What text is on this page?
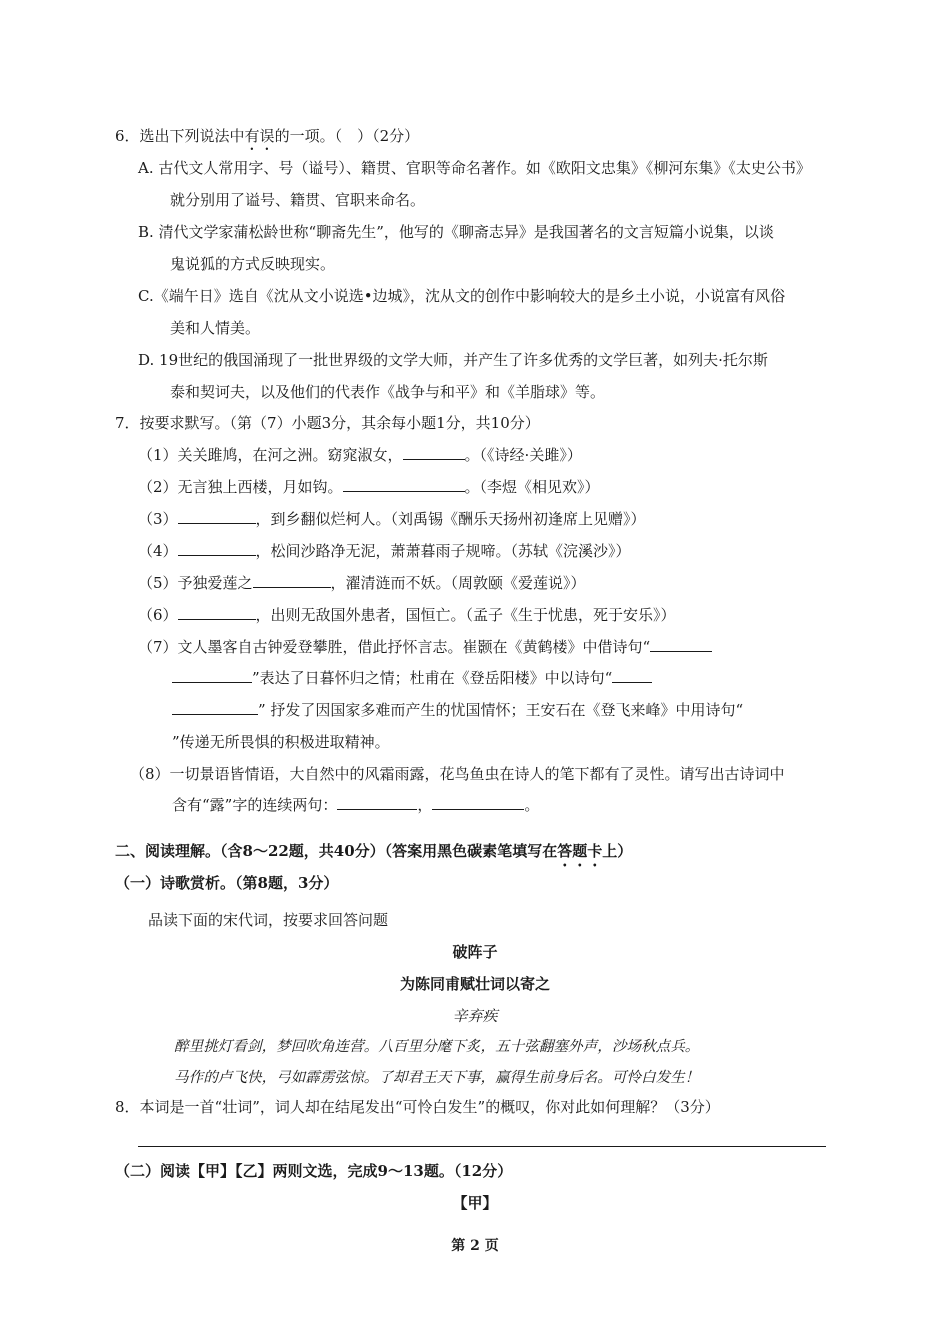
6．选出下列说法中有误的一项。（　）（2分）
A. 古代文人常用字、号（谥号）、籍贯、官职等命名著作。如《欧阳文忠集》《柳河东集》《太史公书》
就分别用了谥号、籍贯、官职来命名。
B. 清代文学家蒲松龄世称“聊斋先生”，他写的《聊斋志异》是我国著名的文言短篇小说集，以谈
鬼说狐的方式反映现实。
C.《端午日》选自《沈从文小说选•边城》，沈从文的创作中影响较大的是乡土小说，小说富有风俗
美和人情美。
D. 19世纪的俄国涌现了一批世界级的文学大师，并产生了许多优秀的文学巨著，如列夫·托尔斯
泰和契诃夫，以及他们的代表作《战争与和平》和《羊脂球》等。
7．按要求默写。（第（7）小题3分，其余每小题1分，共10分）
（1）关关雎鸠，在河之洲。窈窕淑女，	。（《诗经·关雎》）
（2）无言独上西楼，月如钩。	。（李煜《相见欢》）
（3）	，到乡翻似烂柯人。（刘禹锡《酬乐天扬州初逢席上见赠》）
（4）	，松间沙路净无泥，萧萧暮雨子规啼。（苏轼《浣溪沙》）
（5）予独爱莲之	，濯清涟而不妖。（周敦颐《爱莲说》）
（6）	，出则无敌国外患者，国恒亡。（孟子《生于忧患，死于安乐》）
（7）文人墨客自古钟爱登攀胜，借此抒怀言志。崔颢在《黄鹤楼》中借诗句“
”表达了日暮怀归之情；杜甫在《登岳阳楼》中以诗句“
” 抒发了因国家多难而产生的忧国情怀；王安石在《登飞来峰》中用诗句“
”传递无所畏惧的积极进取精神。
（8）一切景语皆情语，大自然中的风霜雨露，花鸟鱼虫在诗人的笔下都有了灵性。请写出古诗词中
含有“露”字的连续两句：	，	。
二、阅读理解。（含8～22题，共40分）（答案用黑色碳素笔填写在答题卡上）
（一）诗歌赏析。（第8题，3分）
品读下面的宋代词，按要求回答问题
破阵子
为陈同甫赋壮词以寄之
辛弃疾
醉里挑灯看剑，梦回吹角连营。八百里分麾下炙，五十弦翻塞外声，沙场秋点兵。
马作的卢飞快，弓如霹雳弦惊。了却君王天下事，赢得生前身后名。可怜白发生！
8．本词是一首“壮词”，词人却在结尾发出“可怜白发生”的概叹，你对此如何理解？（3分）
（二）阅读【甲】【乙】两则文选，完成9～13题。（12分）
【甲】
第 2 页
